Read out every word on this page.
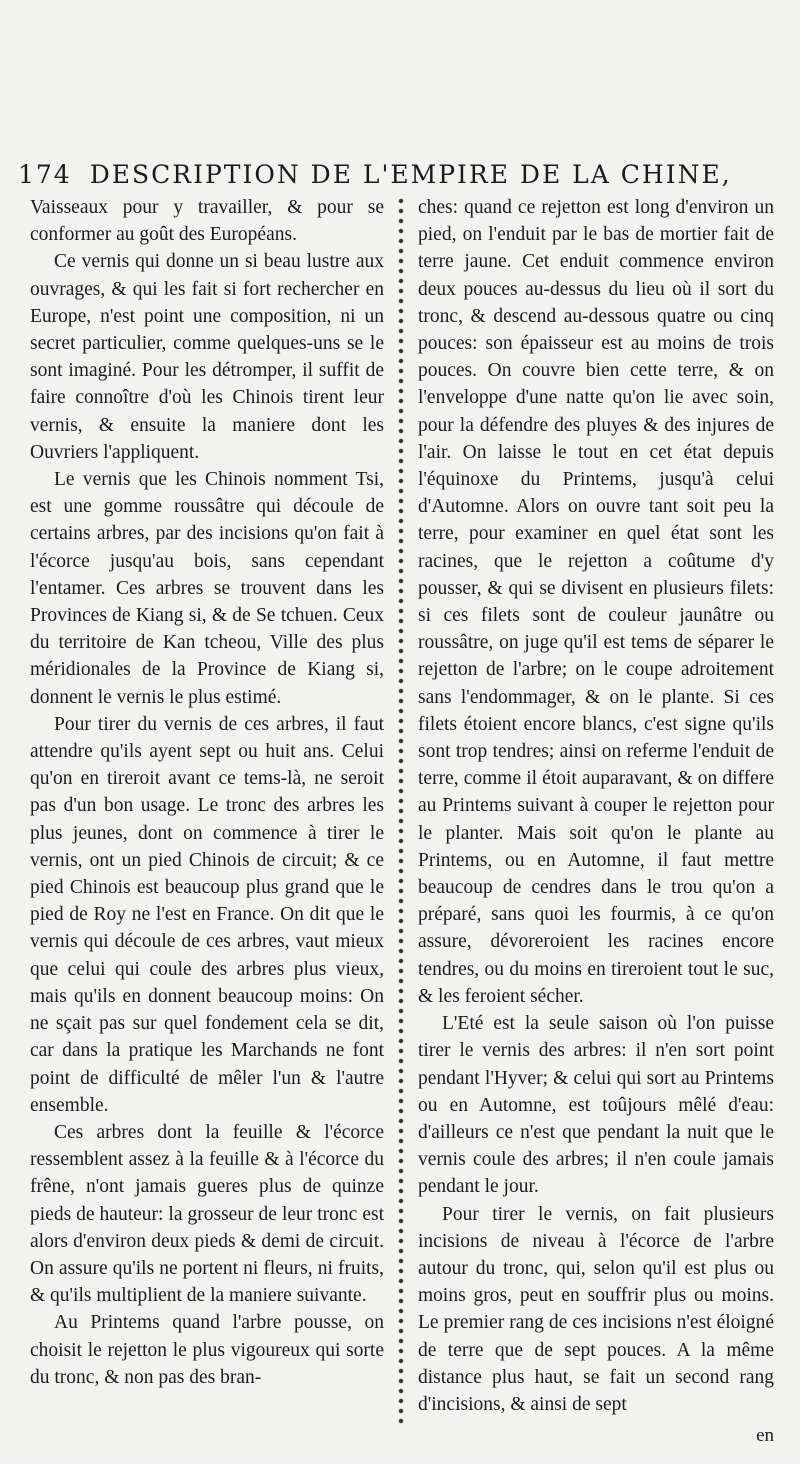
174 DESCRIPTION DE L'EMPIRE DE LA CHINE,

Vaisseaux pour y travailler, & pour se conformer au goût des Européans.

Ce vernis qui donne un si beau lustre aux ouvrages, & qui les fait si fort rechercher en Europe, n'est point une composition, ni un secret particulier, comme quelques-uns se le sont imaginé. Pour les détromper, il suffit de faire connoître d'où les Chinois tirent leur vernis, & ensuite la maniere dont les Ouvriers l'appliquent.

Le vernis que les Chinois nomment Tsi, est une gomme roussâtre qui découle de certains arbres, par des incisions qu'on fait à l'écorce jusqu'au bois, sans cependant l'entamer. Ces arbres se trouvent dans les Provinces de Kiang si, & de Se tchuen. Ceux du territoire de Kan tcheou, Ville des plus méridionales de la Province de Kiang si, donnent le vernis le plus estimé.

Pour tirer du vernis de ces arbres, il faut attendre qu'ils ayent sept ou huit ans. Celui qu'on en tireroit avant ce tems-là, ne seroit pas d'un bon usage. Le tronc des arbres les plus jeunes, dont on commence à tirer le vernis, ont un pied Chinois de circuit; & ce pied Chinois est beaucoup plus grand que le pied de Roy ne l'est en France. On dit que le vernis qui découle de ces arbres, vaut mieux que celui qui coule des arbres plus vieux, mais qu'ils en donnent beaucoup moins: On ne sçait pas sur quel fondement cela se dit, car dans la pratique les Marchands ne font point de difficulté de mêler l'un & l'autre ensemble.

Ces arbres dont la feuille & l'écorce ressemblent assez à la feuille & à l'écorce du frêne, n'ont jamais gueres plus de quinze pieds de hauteur: la grosseur de leur tronc est alors d'environ deux pieds & demi de circuit. On assure qu'ils ne portent ni fleurs, ni fruits, & qu'ils multiplient de la maniere suivante.

Au Printems quand l'arbre pousse, on choisit le rejetton le plus vigoureux qui sorte du tronc, & non pas des bran-

ches: quand ce rejetton est long d'environ un pied, on l'enduit par le bas de mortier fait de terre jaune. Cet enduit commence environ deux pouces au-dessus du lieu où il sort du tronc, & descend au-dessous quatre ou cinq pouces: son épaisseur est au moins de trois pouces. On couvre bien cette terre, & on l'enveloppe d'une natte qu'on lie avec soin, pour la défendre des pluyes & des injures de l'air. On laisse le tout en cet état depuis l'équinoxe du Printems, jusqu'à celui d'Automne. Alors on ouvre tant soit peu la terre, pour examiner en quel état sont les racines, que le rejetton a coûtume d'y pousser, & qui se divisent en plusieurs filets: si ces filets sont de couleur jaunâtre ou roussâtre, on juge qu'il est tems de séparer le rejetton de l'arbre; on le coupe adroitement sans l'endommager, & on le plante. Si ces filets étoient encore blancs, c'est signe qu'ils sont trop tendres; ainsi on referme l'enduit de terre, comme il étoit auparavant, & on differe au Printems suivant à couper le rejetton pour le planter. Mais soit qu'on le plante au Printems, ou en Automne, il faut mettre beaucoup de cendres dans le trou qu'on a préparé, sans quoi les fourmis, à ce qu'on assure, dévoreroient les racines encore tendres, ou du moins en tireroient tout le suc, & les feroient sécher.

L'Eté est la seule saison où l'on puisse tirer le vernis des arbres: il n'en sort point pendant l'Hyver; & celui qui sort au Printems ou en Automne, est toûjours mêlé d'eau: d'ailleurs ce n'est que pendant la nuit que le vernis coule des arbres; il n'en coule jamais pendant le jour.

Pour tirer le vernis, on fait plusieurs incisions de niveau à l'écorce de l'arbre autour du tronc, qui, selon qu'il est plus ou moins gros, peut en souffrir plus ou moins. Le premier rang de ces incisions n'est éloigné de terre que de sept pouces. A la même distance plus haut, se fait un second rang d'incisions, & ainsi de sept

en
